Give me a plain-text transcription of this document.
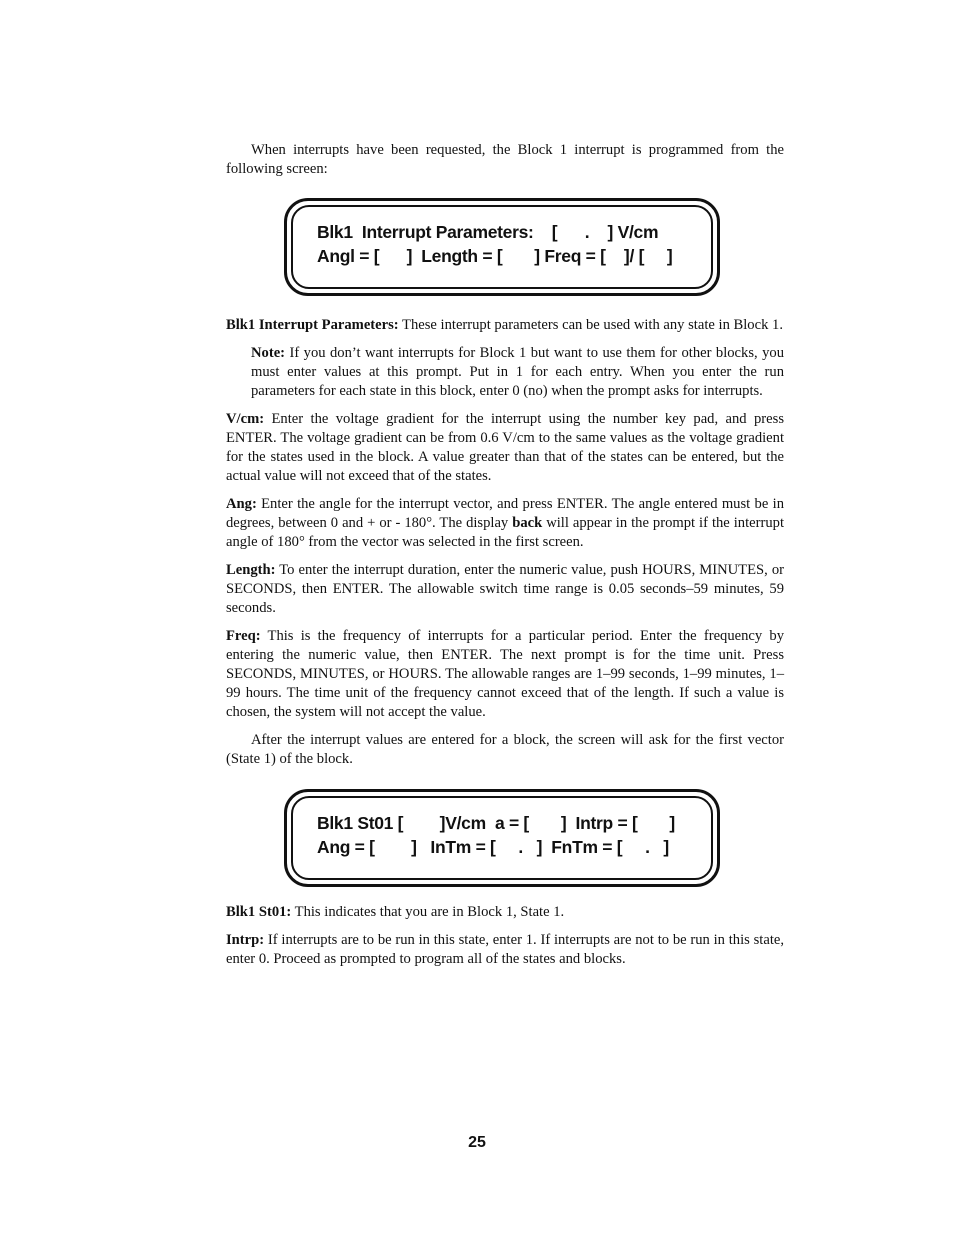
When interrupts have been requested, the Block 1 interrupt is programmed from the following screen:

Blk1  Interrupt Parameters:    [      .    ] V/cm
Angl = [      ]  Length = [       ] Freq = [    ]/ [     ]

Blk1 Interrupt Parameters: These interrupt parameters can be used with any state in Block 1.

Note: If you don’t want interrupts for Block 1 but want to use them for other blocks, you must enter values at this prompt. Put in 1 for each entry. When you enter the run parameters for each state in this block, enter 0 (no) when the prompt asks for interrupts.

V/cm: Enter the voltage gradient for the interrupt using the number key pad, and press ENTER. The voltage gradient can be from 0.6 V/cm to the same values as the voltage gradient for the states used in the block. A value greater than that of the states can be entered, but the actual value will not exceed that of the states.

Ang: Enter the angle for the interrupt vector, and press ENTER. The angle entered must be in degrees, between 0 and + or - 180°. The display back will appear in the prompt if the interrupt angle of 180° from the vector was selected in the first screen.

Length: To enter the interrupt duration, enter the numeric value, push HOURS, MINUTES, or SECONDS, then ENTER. The allowable switch time range is 0.05 seconds–59 minutes, 59 seconds.

Freq: This is the frequency of interrupts for a particular period. Enter the frequency by entering the numeric value, then ENTER. The next prompt is for the time unit. Press SECONDS, MINUTES, or HOURS. The allowable ranges are 1–99 seconds, 1–99 minutes, 1–99 hours. The time unit of the frequency cannot exceed that of the length. If such a value is chosen, the system will not accept the value.

After the interrupt values are entered for a block, the screen will ask for the first vector (State 1) of the block.

Blk1 St01 [        ]V/cm  a = [       ]  Intrp = [       ]
Ang = [        ]   InTm = [     .   ]  FnTm = [     .   ]

Blk1 St01: This indicates that you are in Block 1, State 1.

Intrp: If interrupts are to be run in this state, enter 1. If interrupts are not to be run in this state, enter 0. Proceed as prompted to program all of the states and blocks.

25
